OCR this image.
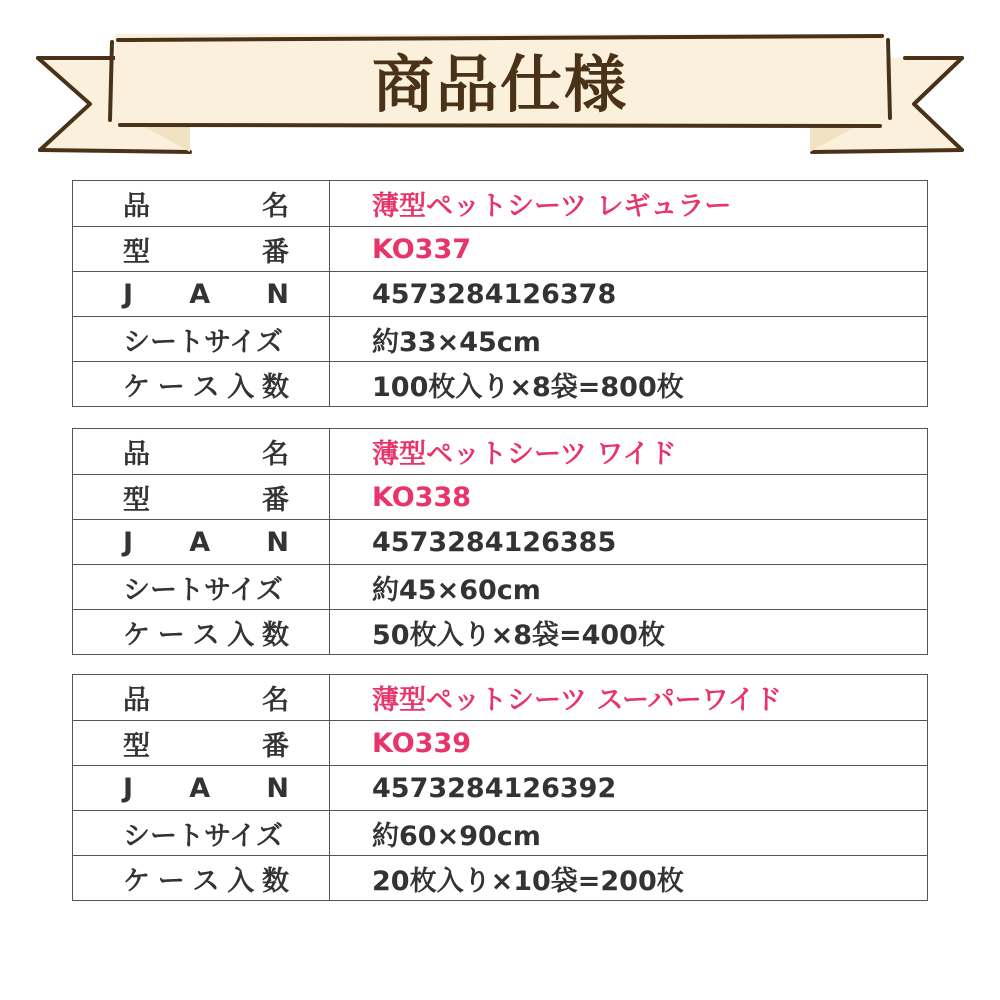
商品仕様
品	名	薄型ペットシーツ レギュラー
型	番	KO337
J A N	4573284126378
シートサイズ	約33×45cm
ケ ー ス 入 数	100枚入り×8袋=800枚
品	名	薄型ペットシーツ ワイド
型	番	KO338
J A N	4573284126385
シートサイズ	約45×60cm
ケ ー ス 入 数	50枚入り×8袋=400枚
品	名	薄型ペットシーツ スーパーワイド
型	番	KO339
J A N	4573284126392
シートサイズ	約60×90cm
ケ ー ス 入 数	20枚入り×10袋=200枚
